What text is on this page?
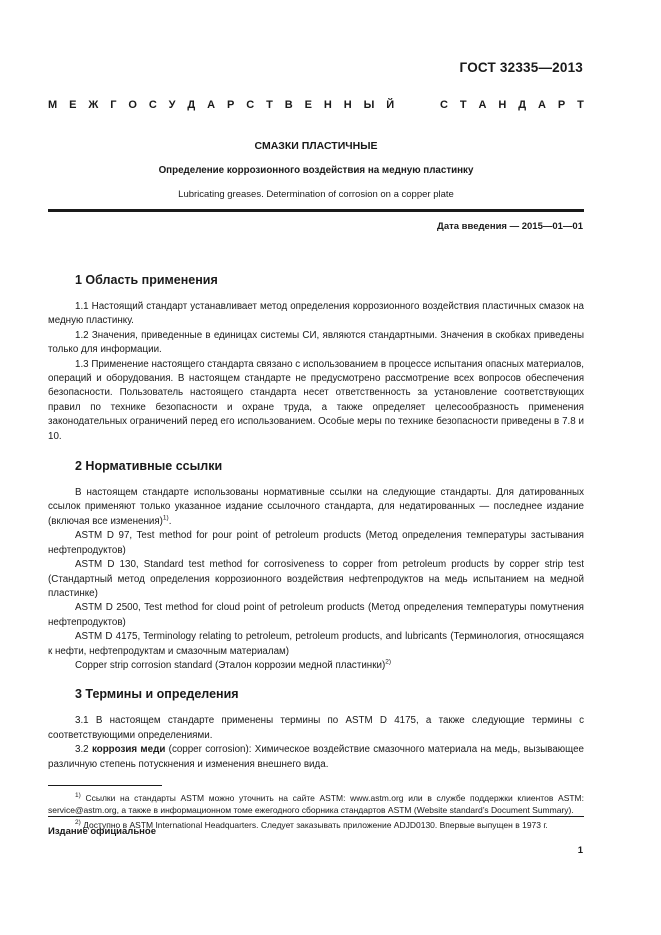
ГОСТ 32335—2013
М Е Ж Г О С У Д А Р С Т В Е Н Н Ы Й	С Т А Н Д А Р Т
СМАЗКИ ПЛАСТИЧНЫЕ
Определение коррозионного воздействия на медную пластинку
Lubricating greases. Determination of corrosion on a copper plate
Дата введения — 2015—01—01
1 Область применения

1.1 Настоящий стандарт устанавливает метод определения коррозионного воздействия пластичных смазок на медную пластинку.

1.2 Значения, приведенные в единицах системы СИ, являются стандартными. Значения в скобках приведены только для информации.

1.3 Применение настоящего стандарта связано с использованием в процессе испытания опасных материалов, операций и оборудования. В настоящем стандарте не предусмотрено рассмотрение всех вопросов обеспечения безопасности. Пользователь настоящего стандарта несет ответственность за установление соответствующих правил по технике безопасности и охране труда, а также определяет целесообразность применения законодательных ограничений перед его использованием. Особые меры по технике безопасности приведены в 7.8 и 10.

2 Нормативные ссылки

В настоящем стандарте использованы нормативные ссылки на следующие стандарты. Для датированных ссылок применяют только указанное издание ссылочного стандарта, для недатированных — последнее издание (включая все изменения)$^{1)}$.

ASTM D 97, Test method for pour point of petroleum products (Метод определения температуры застывания нефтепродуктов)

ASTM D 130, Standard test method for corrosiveness to copper from petroleum products by copper strip test (Стандартный метод определения коррозионного воздействия нефтепродуктов на медь испытанием на медной пластинке)

ASTM D 2500, Test method for cloud point of petroleum products (Метод определения температуры помутнения нефтепродуктов)

ASTM D 4175, Terminology relating to petroleum, petroleum products, and lubricants (Терминология, относящаяся к нефти, нефтепродуктам и смазочным материалам)

Copper strip corrosion standard (Эталон коррозии медной пластинки)$^{2)}$

3 Термины и определения

3.1 В настоящем стандарте применены термины по ASTM D 4175, а также следующие термины с соответствующими определениями.

3.2 коррозия меди (copper corrosion): Химическое воздействие смазочного материала на медь, вызывающее различную степень потускнения и изменения внешнего вида.

$^{1)}$ Ссылки на стандарты ASTM можно уточнить на сайте ASTM: www.astm.org или в службе поддержки клиентов ASTM: service@astm.org, а также в информационном томе ежегодного сборника стандартов ASTM (Website standard’s Document Summary).

$^{2)}$ Доступно в ASTM International Headquarters. Следует заказывать приложение ADJD0130. Впервые выпущен в 1973 г.

Издание официальное
1
